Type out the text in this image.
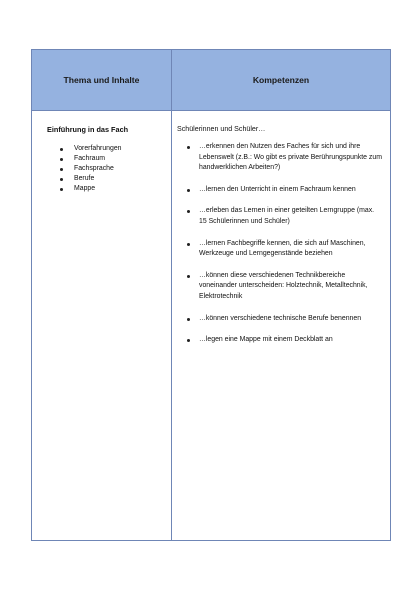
Thema und Inhalte	Kompetenzen

Einführung in das Fach

Vorerfahrungen
Fachraum
Fachsprache
Berufe
Mappe

Schülerinnen und Schüler…

…erkennen den Nutzen des Faches für sich und ihre Lebenswelt (z.B.: Wo gibt es private Berührungspunkte zum handwerklichen Arbeiten?)
…lernen den Unterricht in einem Fachraum kennen
…erleben das Lernen in einer geteilten Lerngruppe (max. 15 Schülerinnen und Schüler)
…lernen Fachbegriffe kennen, die sich auf Maschinen, Werkzeuge und Lerngegenstände beziehen
…können diese verschiedenen Technikbereiche voneinander unterscheiden: Holztechnik, Metalltechnik, Elektrotechnik
…können verschiedene technische Berufe benennen
…legen eine Mappe mit einem Deckblatt an
